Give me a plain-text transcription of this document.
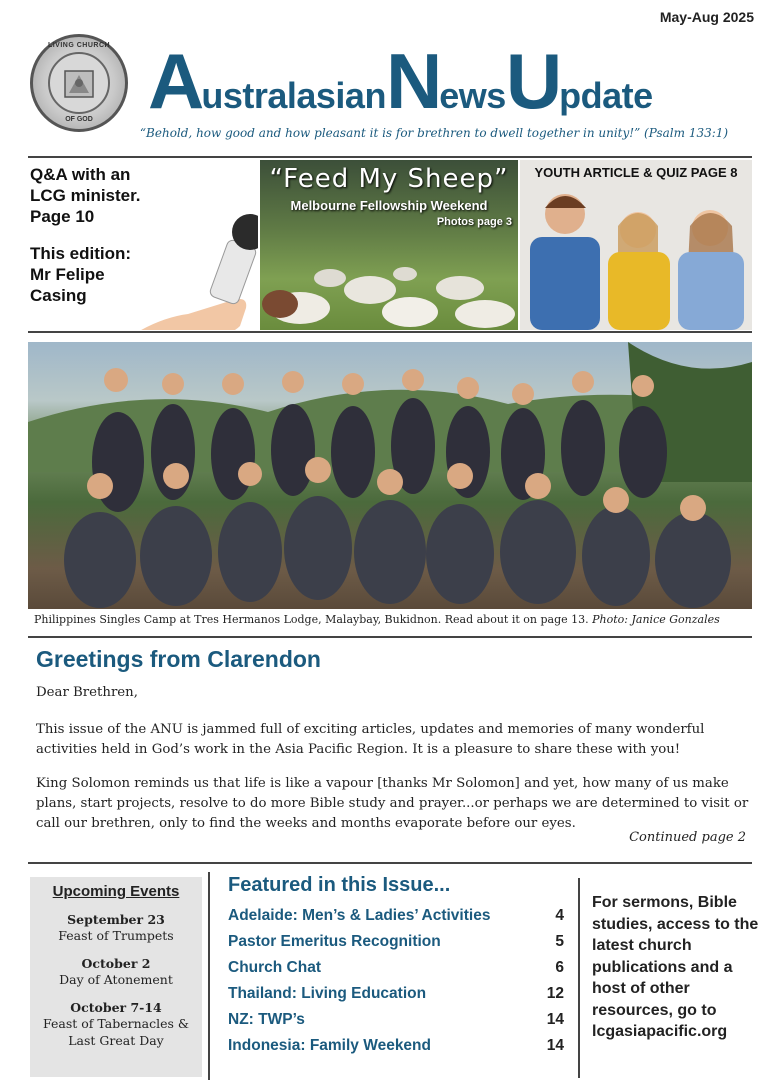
May-Aug 2025
LIVING CHURCH
OF GOD AustralasianNewsUpdate
“Behold, how good and how pleasant it is for brethren to dwell together in unity!” (Psalm 133:1)
Q&A with an
LCG minister.
Page 10
This edition:
Mr Felipe
Casing
“Feed My Sheep”
Melbourne Fellowship Weekend
Photos page 3
YOUTH ARTICLE & QUIZ PAGE 8
Philippines Singles Camp at Tres Hermanos Lodge, Malaybay, Bukidnon. Read about it on page 13. Photo: Janice Gonzales
Greetings from Clarendon
Dear Brethren,
This issue of the ANU is jammed full of exciting articles, updates and memories of many wonderful activities held in God’s work in the Asia Pacific Region. It is a pleasure to share these with you!
King Solomon reminds us that life is like a vapour [thanks Mr Solomon] and yet, how many of us make plans, start projects, resolve to do more Bible study and prayer...or perhaps we are determined to visit or call our brethren, only to find the weeks and months evaporate before our eyes.
Continued page 2
Upcoming Events
September 23
Feast of Trumpets
October 2
Day of Atonement
October 7-14
Feast of Tabernacles & Last Great Day
Featured in this Issue...
Adelaide: Men’s & Ladies’ Activities	4
Pastor Emeritus Recognition	5
Church Chat	6
Thailand: Living Education	12
NZ: TWP’s	14
Indonesia: Family Weekend	14
For sermons, Bible studies, access to the latest church publications and a host of other resources, go to lcgasiapacific.org
